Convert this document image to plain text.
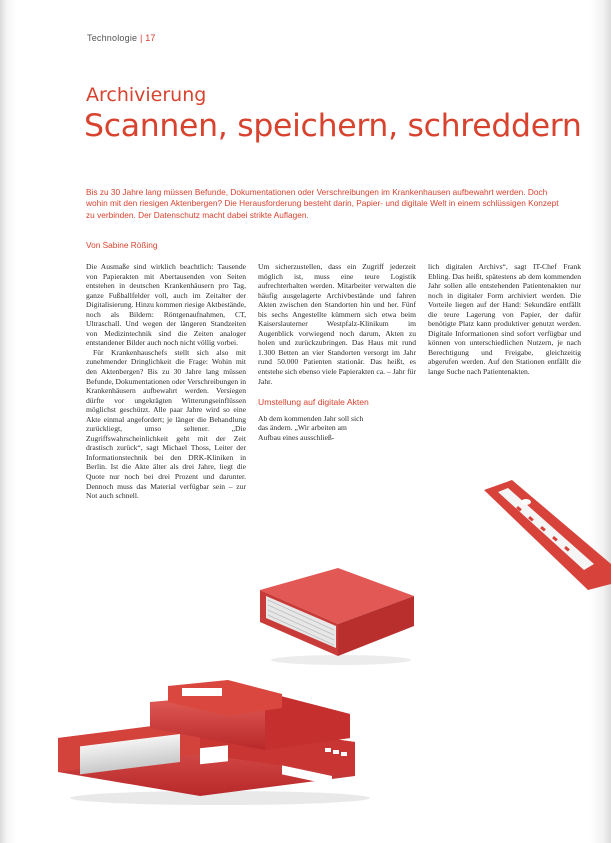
Technologie | 17
Archivierung
Scannen, speichern, schreddern
Bis zu 30 Jahre lang müssen Befunde, Dokumentationen oder Verschreibungen im Krankenhausen aufbewahrt werden. Doch wohin mit den riesigen Aktenbergen? Die Herausforderung besteht darin, Papier- und digitale Welt in einem schlüssigen Konzept zu verbinden. Der Datenschutz macht dabei strikte Auflagen.
Von Sabine Rößing

Die Ausmaße sind wirklich beachtlich: Tausende von Papierakten mit Abertausenden von Seiten entstehen in deutschen Krankenhäusern pro Tag, ganze Fußballfelder voll, auch im Zeitalter der Digitalisierung. Hinzu kommen riesige Aktbestände, noch als Bildern: Röntgenaufnahmen, CT, Ultraschall. Und wegen der längeren Standzeiten von Medizintechnik sind die Zeiten analoger entstandener Bilder auch noch nicht völlig vorbei.

Für Krankenhauschefs stellt sich also mit zunehmender Dringlichkeit die Frage: Wohin mit den Aktenbergen? Bis zu 30 Jahre lang müssen Befunde, Dokumentationen oder Verschreibungen in Krankenhäusern aufbewahrt werden. Versiegen dürfte vor ungekrägten Witterungseinflüssen möglichst geschützt. Alle paar Jahre wird so eine Akte einmal angefordert; je länger die Behandlung zurückliegt, umso seltener. „Die Zugriffswahrscheinlichkeit geht mit der Zeit drastisch zurück“, sagt Michael Thoss, Leiter der Informationstechnik bei den DRK-Kliniken in Berlin. Ist die Akte älter als drei Jahre, liegt die Quote nur noch bei drei Prozent und darunter. Dennoch muss das Material verfügbar sein – zur Not auch schnell.

Um sicherzustellen, dass ein Zugriff jederzeit möglich ist, muss eine teure Logistik aufrechterhalten werden. Mitarbeiter verwalten die häufig ausgelagerte Archivbestände und fahren Akten zwischen den Standorten hin und her. Fünf bis sechs Angestellte kümmern sich etwa beim Kaiserslauterner Westpfalz-Klinikum im Augenblick vorwiegend noch darum, Akten zu holen und zurückzubringen. Das Haus mit rund 1.300 Betten an vier Standorten versorgt im Jahr rund 50.000 Patienten stationär. Das heißt, es entstehe sich ebenso viele Papierakten ca. – Jahr für Jahr.

Umstellung auf digitale Akten

Ab dem kommenden Jahr soll sich das ändern. „Wir arbeiten am Aufbau eines ausschließ-

lich digitalen Archivs“, sagt IT-Chef Frank Ebling. Das heißt, spätestens ab dem kommenden Jahr sollen alle entstehenden Patientenakten nur noch in digitaler Form archiviert werden. Die Vorteile liegen auf der Hand: Sekundäre entfällt die teure Lagerung von Papier, der dafür benötigte Platz kann produktiver genutzt werden. Digitale Informationen sind sofort verfügbar und können von unterschiedlichen Nutzern, je nach Berechtigung und Freigabe, gleichzeitig abgerufen werden. Auf den Stationen entfällt die lange Suche nach Patientenakten.
